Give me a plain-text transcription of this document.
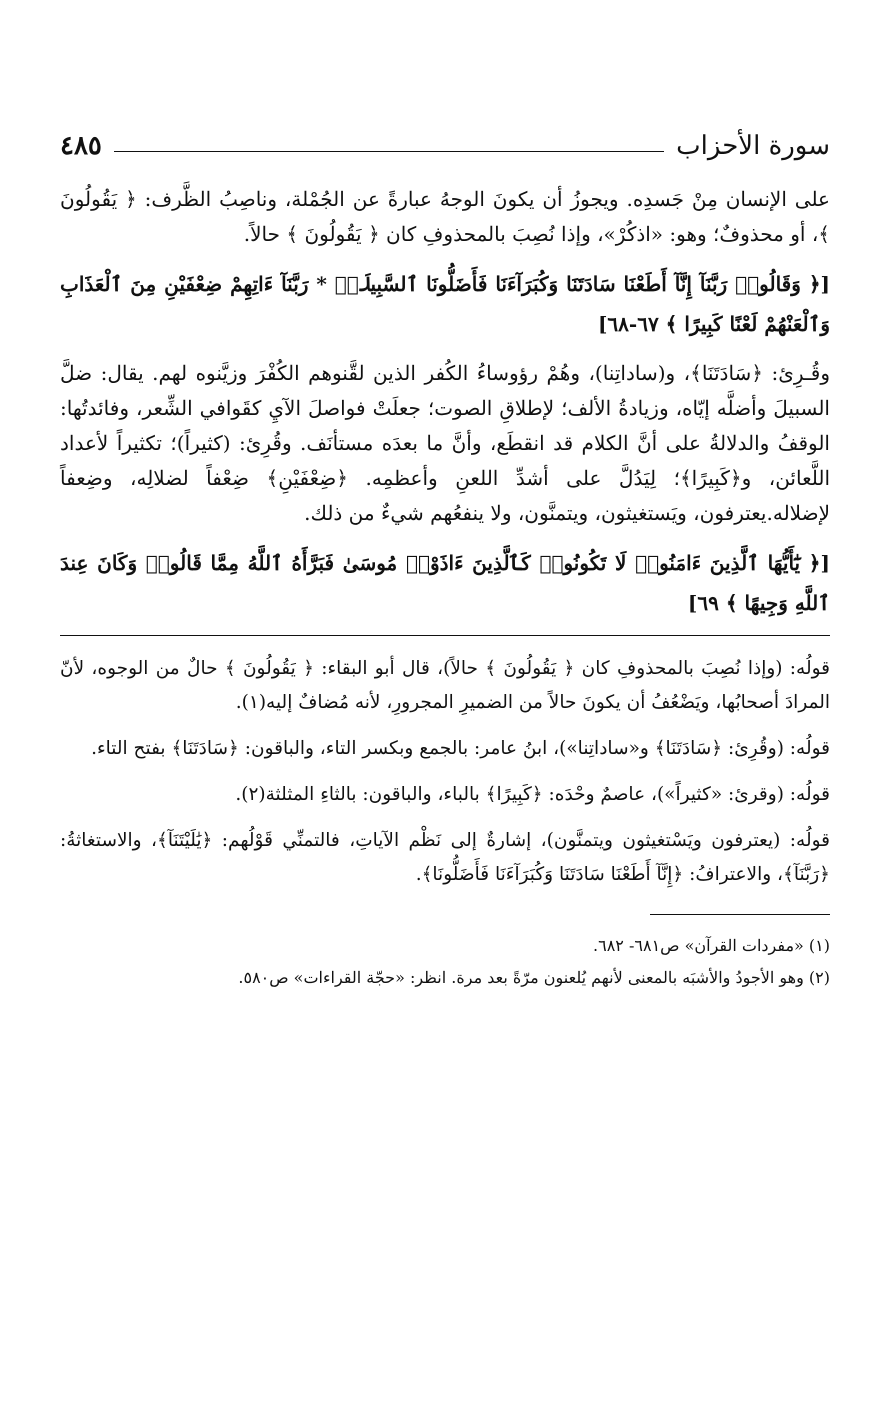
سورة الأحزاب
٤٨٥

على الإنسان مِنْ جَسدِه. ويجوزُ أن يكونَ الوجهُ عبارةً عن الجُمْلة، وناصِبُ الظَّرف: ﴿ يَقُولُونَ ﴾، أو محذوفٌ؛ وهو: «اذكُرْ»، وإذا نُصِبَ بالمحذوفِ كان ﴿ يَقُولُونَ ﴾ حالاً.

[﴿ وَقَالُوا۟ رَبَّنَآ إِنَّآ أَطَعْنَا سَادَتَنَا وَكُبَرَآءَنَا فَأَضَلُّونَا ٱلسَّبِيلَا۠ * رَبَّنَآ ءَاتِهِمْ ضِعْفَيْنِ مِنَ ٱلْعَذَابِ وَٱلْعَنْهُمْ لَعْنًا كَبِيرًا ﴾ ٦٧-٦٨]

وقُـرِئ: ﴿سَادَتَنَا﴾، و(ساداتِنا)، وهُمْ رؤوساءُ الكُفر الذين لقَّنوهم الكُفْرَ وزيَّنوه لهم. يقال: ضلَّ السبيلَ وأضلَّه إيّاه، وزيادةُ الألف؛ لإطلاقِ الصوت؛ جعلَتْ فواصلَ الآيِ كقَوافي الشِّعر، وفائدتُها: الوقفُ والدلالةُ على أنَّ الكلام قد انقطَع، وأنَّ ما بعدَه مستأنَف. وقُرِئ: (كثيراً)؛ تكثيراً لأعداد اللَّعائن، و﴿كَبِيرًا﴾؛ لِيَدُلَّ على أشدِّ اللعنِ وأعظمِه. ﴿ضِعْفَيْنِ﴾ ضِعْفاً لضلالِه، وضِعفاً لإضلاله.يعترفون، ويَستغيثون، ويتمنَّون، ولا ينفعُهم شيءٌ من ذلك.

[﴿ يَٰٓأَيُّهَا ٱلَّذِينَ ءَامَنُوا۟ لَا تَكُونُوا۟ كَٱلَّذِينَ ءَاذَوْا۟ مُوسَىٰ فَبَرَّأَهُ ٱللَّهُ مِمَّا قَالُوا۟ وَكَانَ عِندَ ٱللَّهِ وَجِيهًا ﴾ ٦٩]

قولُه: (وإذا نُصِبَ بالمحذوفِ كان ﴿ يَقُولُونَ ﴾ حالاً)، قال أبو البقاء: ﴿ يَقُولُونَ ﴾ حالٌ من الوجوه، لأنّ المرادَ أصحابُها، ويَضْعُفُ أن يكونَ حالاً من الضميرِ المجرورِ، لأنه مُضافٌ إليه(١).

قولُه: (وقُرِئ: ﴿سَادَتَنَا﴾ و«ساداتِنا»)، ابنُ عامر: بالجمع وبكسر التاء، والباقون: ﴿سَادَتَنَا﴾ بفتح التاء.

قولُه: (وقرئ: «كثيراً»)، عاصمٌ وحْدَه: ﴿كَبِيرًا﴾ بالباء، والباقون: بالثاءِ المثلثة(٢).

قولُه: (يعترفون ويَسْتغيثون ويتمنَّون)، إشارةٌ إلى نَظْم الآياتِ، فالتمنِّي قَوْلُهم: ﴿يَٰلَيْتَنَآ﴾، والاستغاثةُ: ﴿رَبَّنَآ﴾، والاعترافُ: ﴿إِنَّآ أَطَعْنَا سَادَتَنَا وَكُبَرَآءَنَا فَأَضَلُّونَا﴾.

(١) «مفردات القرآن» ص٦٨١- ٦٨٢.

(٢) وهو الأجودُ والأشبَه بالمعنى لأنهم يُلعنون مرّةً بعد مرة. انظر: «حجّة القراءات» ص٥٨٠.
